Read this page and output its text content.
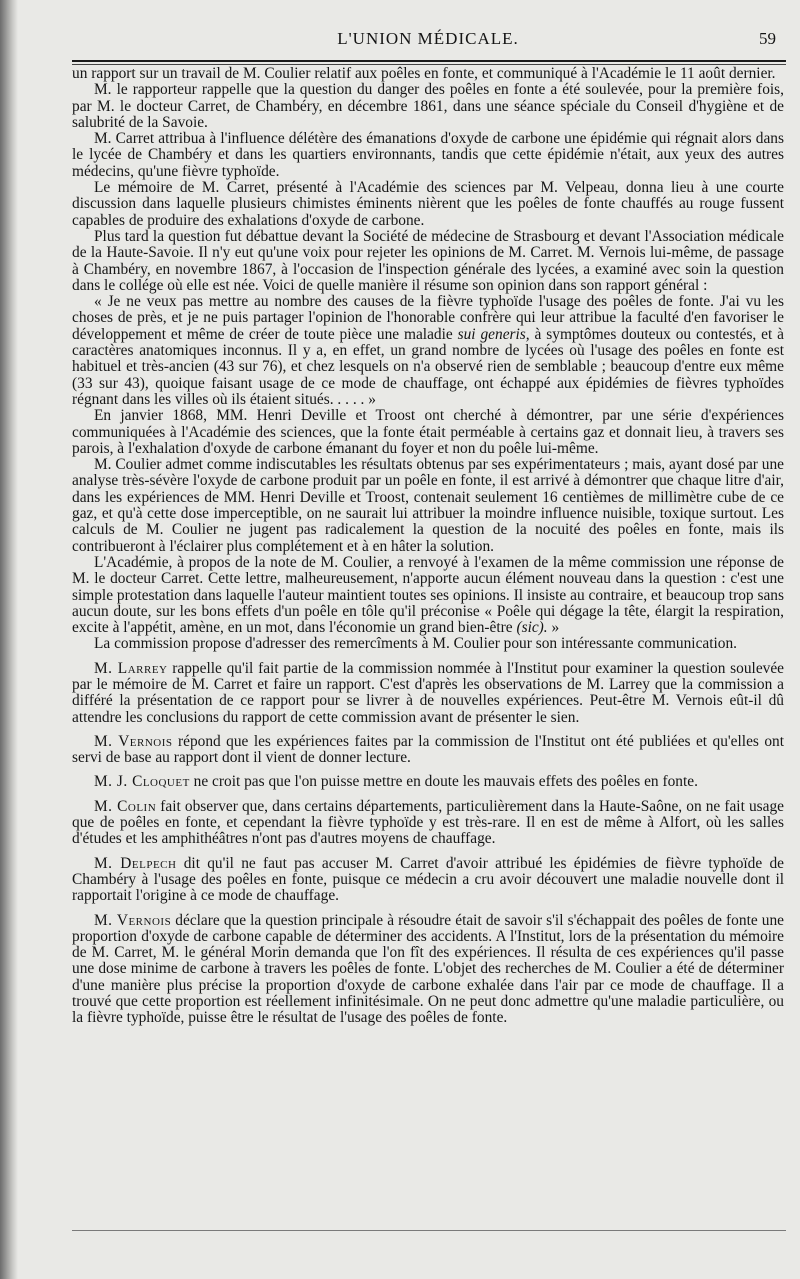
L'UNION MÉDICALE.	59

un rapport sur un travail de M. Coulier relatif aux poêles en fonte, et communiqué à l'Académie le 11 août dernier.

M. le rapporteur rappelle que la question du danger des poêles en fonte a été soulevée, pour la première fois, par M. le docteur Carret, de Chambéry, en décembre 1861, dans une séance spéciale du Conseil d'hygiène et de salubrité de la Savoie.

M. Carret attribua à l'influence délétère des émanations d'oxyde de carbone une épidémie qui régnait alors dans le lycée de Chambéry et dans les quartiers environnants, tandis que cette épidémie n'était, aux yeux des autres médecins, qu'une fièvre typhoïde.

Le mémoire de M. Carret, présenté à l'Académie des sciences par M. Velpeau, donna lieu à une courte discussion dans laquelle plusieurs chimistes éminents nièrent que les poêles de fonte chauffés au rouge fussent capables de produire des exhalations d'oxyde de carbone.

Plus tard la question fut débattue devant la Société de médecine de Strasbourg et devant l'Association médicale de la Haute-Savoie. Il n'y eut qu'une voix pour rejeter les opinions de M. Carret. M. Vernois lui-même, de passage à Chambéry, en novembre 1867, à l'occasion de l'inspection générale des lycées, a examiné avec soin la question dans le collége où elle est née. Voici de quelle manière il résume son opinion dans son rapport général :

« Je ne veux pas mettre au nombre des causes de la fièvre typhoïde l'usage des poêles de fonte. J'ai vu les choses de près, et je ne puis partager l'opinion de l'honorable confrère qui leur attribue la faculté d'en favoriser le développement et même de créer de toute pièce une maladie sui generis, à symptômes douteux ou contestés, et à caractères anatomiques inconnus. Il y a, en effet, un grand nombre de lycées où l'usage des poêles en fonte est habituel et très-ancien (43 sur 76), et chez lesquels on n'a observé rien de semblable ; beaucoup d'entre eux même (33 sur 43), quoique faisant usage de ce mode de chauffage, ont échappé aux épidémies de fièvres typhoïdes régnant dans les villes où ils étaient situés. . . . . »

En janvier 1868, MM. Henri Deville et Troost ont cherché à démontrer, par une série d'expériences communiquées à l'Académie des sciences, que la fonte était perméable à certains gaz et donnait lieu, à travers ses parois, à l'exhalation d'oxyde de carbone émanant du foyer et non du poêle lui-même.

M. Coulier admet comme indiscutables les résultats obtenus par ses expérimentateurs ; mais, ayant dosé par une analyse très-sévère l'oxyde de carbone produit par un poêle en fonte, il est arrivé à démontrer que chaque litre d'air, dans les expériences de MM. Henri Deville et Troost, contenait seulement 16 centièmes de millimètre cube de ce gaz, et qu'à cette dose imperceptible, on ne saurait lui attribuer la moindre influence nuisible, toxique surtout. Les calculs de M. Coulier ne jugent pas radicalement la question de la nocuité des poêles en fonte, mais ils contribueront à l'éclairer plus complétement et à en hâter la solution.

L'Académie, à propos de la note de M. Coulier, a renvoyé à l'examen de la même commission une réponse de M. le docteur Carret. Cette lettre, malheureusement, n'apporte aucun élément nouveau dans la question : c'est une simple protestation dans laquelle l'auteur maintient toutes ses opinions. Il insiste au contraire, et beaucoup trop sans aucun doute, sur les bons effets d'un poêle en tôle qu'il préconise « Poêle qui dégage la tête, élargit la respiration, excite à l'appétit, amène, en un mot, dans l'économie un grand bien-être (sic). »

La commission propose d'adresser des remercîments à M. Coulier pour son intéressante communication.

M. Larrey rappelle qu'il fait partie de la commission nommée à l'Institut pour examiner la question soulevée par le mémoire de M. Carret et faire un rapport. C'est d'après les observations de M. Larrey que la commission a différé la présentation de ce rapport pour se livrer à de nouvelles expériences. Peut-être M. Vernois eût-il dû attendre les conclusions du rapport de cette commission avant de présenter le sien.

M. Vernois répond que les expériences faites par la commission de l'Institut ont été publiées et qu'elles ont servi de base au rapport dont il vient de donner lecture.

M. J. Cloquet ne croit pas que l'on puisse mettre en doute les mauvais effets des poêles en fonte.

M. Colin fait observer que, dans certains départements, particulièrement dans la Haute-Saône, on ne fait usage que de poêles en fonte, et cependant la fièvre typhoïde y est très-rare. Il en est de même à Alfort, où les salles d'études et les amphithéâtres n'ont pas d'autres moyens de chauffage.

M. Delpech dit qu'il ne faut pas accuser M. Carret d'avoir attribué les épidémies de fièvre typhoïde de Chambéry à l'usage des poêles en fonte, puisque ce médecin a cru avoir découvert une maladie nouvelle dont il rapportait l'origine à ce mode de chauffage.

M. Vernois déclare que la question principale à résoudre était de savoir s'il s'échappait des poêles de fonte une proportion d'oxyde de carbone capable de déterminer des accidents. A l'Institut, lors de la présentation du mémoire de M. Carret, M. le général Morin demanda que l'on fît des expériences. Il résulta de ces expériences qu'il passe une dose minime de carbone à travers les poêles de fonte. L'objet des recherches de M. Coulier a été de déterminer d'une manière plus précise la proportion d'oxyde de carbone exhalée dans l'air par ce mode de chauffage. Il a trouvé que cette proportion est réellement infinitésimale. On ne peut donc admettre qu'une maladie particulière, ou la fièvre typhoïde, puisse être le résultat de l'usage des poêles de fonte.
